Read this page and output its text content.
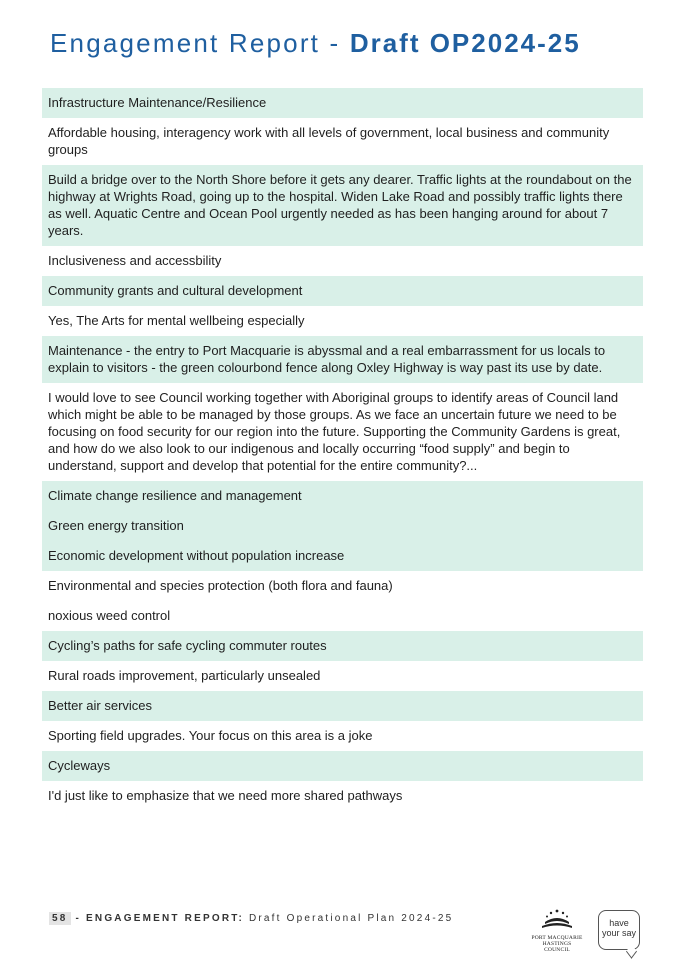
Engagement Report - Draft OP2024-25
Infrastructure Maintenance/Resilience
Affordable housing, interagency work with all levels of government, local business and community groups
Build a bridge over to the North Shore before it gets any dearer. Traffic lights at the roundabout on the highway at Wrights Road, going up to the hospital. Widen Lake Road and possibly traffic lights there as well. Aquatic Centre and Ocean Pool urgently needed as has been hanging around for about 7 years.
Inclusiveness and accessbility
Community grants and cultural development
Yes, The Arts for mental wellbeing especially
Maintenance - the entry to Port Macquarie is abyssmal and a real embarrassment for us locals to explain to visitors - the green colourbond fence along Oxley Highway is way past its use by date.
I would love to see Council working together with Aboriginal groups to identify areas of Council land which might be able to be managed by those groups. As we face an uncertain future we need to be focusing on food security for our region into the future. Supporting the Community Gardens is great, and how do we also look to our indigenous and locally occurring “food supply” and begin to understand, support and develop that potential for the entire community?...
Climate change resilience and management
Green energy transition
Economic development without population increase
Environmental and species protection (both flora and fauna)
noxious weed control
Cycling’s paths for safe cycling commuter routes
Rural roads improvement, particularly unsealed
Better air services
Sporting field upgrades. Your focus on this area is a joke
Cycleways
I'd just like to emphasize that we need more shared pathways
58 - ENGAGEMENT REPORT: Draft Operational Plan 2024-25
PORT MACQUARIE
HASTINGS COUNCIL
have
your say
